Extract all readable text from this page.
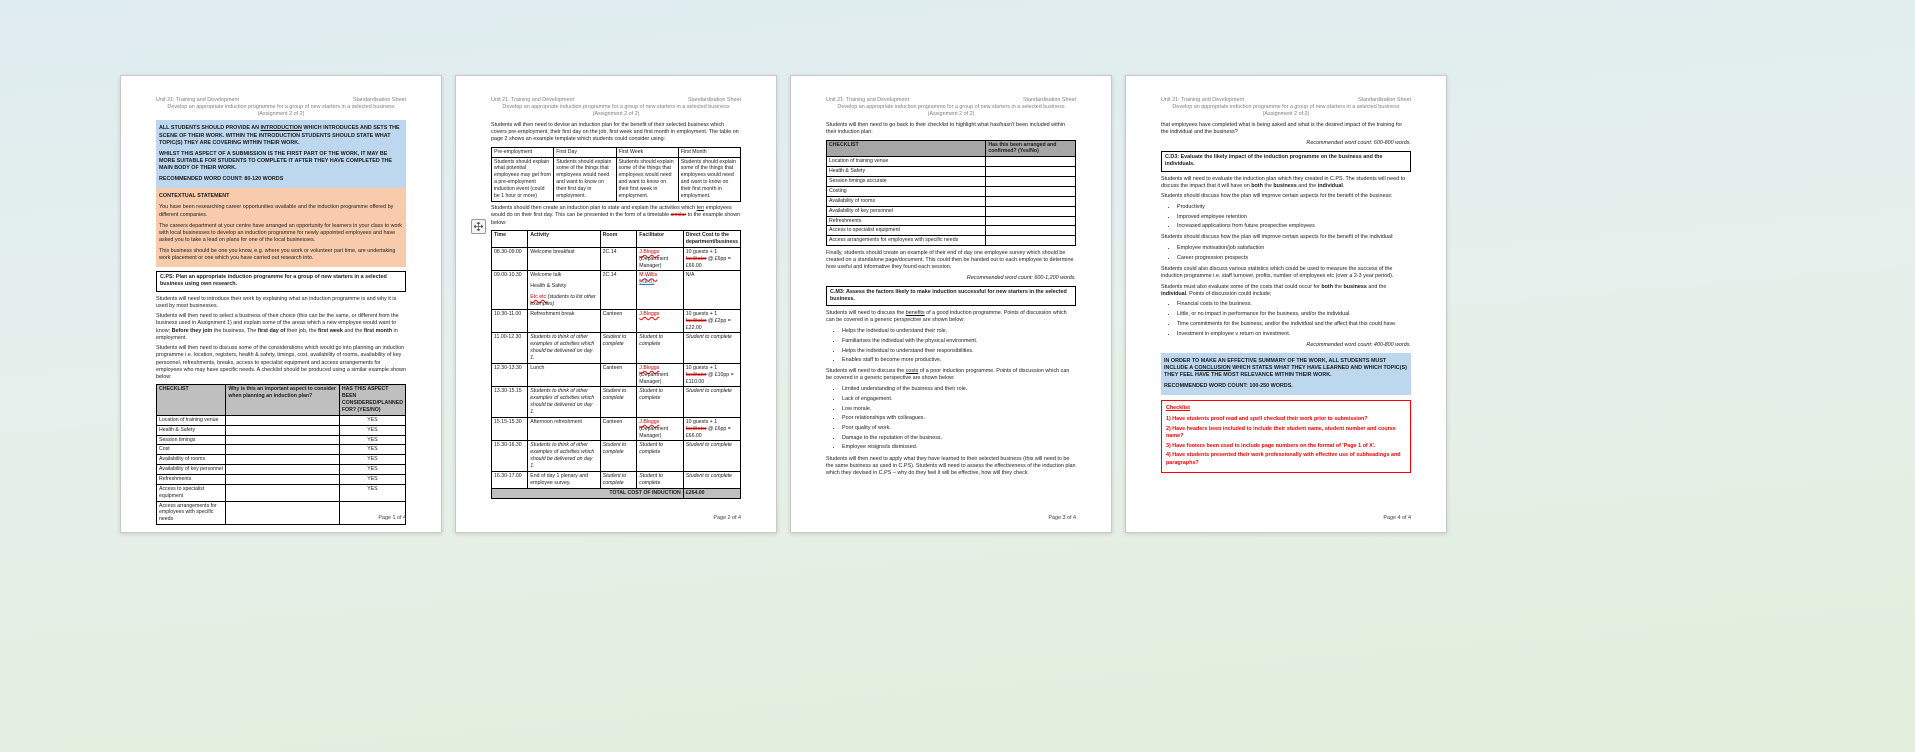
Unit 21: Training and Development	Standardisation Sheet
Develop an appropriate induction programme for a group of new starters in a selected business
(Assignment 2 of 2)

ALL STUDENTS SHOULD PROVIDE AN INTRODUCTION WHICH INTRODUCES AND SETS THE SCENE OF THEIR WORK. WITHIN THE INTRODUCTION STUDENTS SHOULD STATE WHAT TOPIC(S) THEY ARE COVERING WITHIN THEIR WORK.

WHILST THIS ASPECT OF A SUBMISSION IS THE FIRST PART OF THE WORK, IT MAY BE MORE SUITABLE FOR STUDENTS TO COMPLETE IT AFTER THEY HAVE COMPLETED THE MAIN BODY OF THEIR WORK.

RECOMMENDED WORD COUNT: 80-120 WORDS

CONTEXTUAL STATEMENT

You have been researching career opportunities available and the induction programme offered by different companies.

The careers department at your centre have arranged an opportunity for learners in your class to work with local businesses to develop an induction programme for newly appointed employees and have asked you to take a lead on plans for one of the local businesses.

This business should be one you know, e.g. where you work or volunteer part time, are undertaking work placement or one which you have carried out research into.

C.PS: Plan an appropriate induction programme for a group of new starters in a selected business using own research.

Students will need to introduce their work by explaining what an induction programme is and why it is used by most businesses.

Students will then need to select a business of their choice (this can be the same, or different from the business used in Assignment 1) and explain some of the areas which a new employee would want to know; Before they join the business, The first day of their job, the first week and the first month in employment.

Students will then need to discuss some of the considerations which would go into planning an induction programme i.e. location, registers, health & safety, timings, cost, availability of rooms, availability of key personnel, refreshments, breaks, access to specialist equipment and access arrangements for employees who may have specific needs. A checklist should be produced using a similar example shown below:

CHECKLIST	Why is this an important aspect to consider when planning an induction plan?	HAS THIS ASPECT BEEN CONSIDERED/PLANNED FOR? (YES/NO)
Location of training venue		YES
Health & Safety		YES
Session timings		YES
Cost		YES
Availability of rooms		YES
Availability of key personnel		YES
Refreshments		YES
Access to specialist equipment		YES
Access arrangements for employees with specific needs			Page 1 of 4
Unit 21: Training and Development	Standardisation Sheet
Develop an appropriate induction programme for a group of new starters in a selected business
(Assignment 2 of 2)

Students will then need to devise an induction plan for the benefit of their selected business which covers pre-employment, their first day on the job, first week and first month in employment. The table on page 2 shows an example template which students could consider using:

Pre-employment	First Day	First Week	First Month
Students should explain what potential employees may get from a pre-employment induction event (could be 1 hour or more)	Students should explain some of the things that employees would need and want to know on their first day in employment.	Students should explain some of the things that employees would need and want to know on their first week in employment.	Students should explain some of the things that employees would need and want to know on their first month in employment.

Students should then create an induction plan to state and explain the activities which ten employees would do on their first day. This can be presented in the form of a timetable similar to the example shown below:

Time	Activity	Room	Facilitator	Direct Cost to the department/business
08.30-09.00	Welcome breakfast	2C.14	J.Bloggs
(Department Manager)	10 guests + 1 facilitator @ £6pp = £66.00
09.00-10.30	Welcome talk
Health & Safety
Etc etc (students to list other examples)
	2C.14	M.Willis
(CEO)	N/A
10.30-11.00	Refreshment break	Canteen	J.Bloggs	10 guests + 1 facilitator @ £2pp = £22.00
11.00-12.30	Students to think of other examples of activities which should be delivered on day 1.	Student to complete	Student to complete	Student to complete
12.30-13.30	Lunch	Canteen	J.Bloggs
(Department Manager)	10 guests + 1 facilitator @ £10pp = £110.00
13.30-15.15	Students to think of other examples of activities which should be delivered on day 1.	Student to complete	Student to complete	Student to complete
15.15-15.30	Afternoon refreshment	Canteen	J.Bloggs
(Department Manager)	10 guests + 1 facilitator @ £6pp = £66.00
15.30-16.30	Students to think of other examples of activities which should be delivered on day 1.	Student to complete	Student to complete	Student to complete
16.30-17.00	End of day 1 plenary and employee survey.	Student to complete	Student to complete	Student to complete
TOTAL COST OF INDUCTION				£264.00
Page 2 of 4
Unit 21: Training and Development	Standardisation Sheet
Develop an appropriate induction programme for a group of new starters in a selected business
(Assignment 2 of 2)

Students will then need to go back to their checklist to highlight what has/hasn't been included within their induction plan:

CHECKLIST	Has this been arranged and confirmed? (Yes/No)
Location of training venue	
Health & Safety	
Session timings accurate	
Costing	
Availability of rooms	
Availability of key personnel	
Refreshments	
Access to specialist equipment	
Access arrangements for employees with specific needs	

Finally, students should create an example of their end of day one employee survey which should be created on a standalone page/document. This could then be handed out to each employee to determine how useful and informative they found each session.

Recommended word count: 600-1,200 words.

C.M3: Assess the factors likely to make induction successful for new starters in the selected business.

Students will need to discuss the benefits of a good induction programme. Points of discussion which can be covered in a generic perspective are shown below:

• Helps the individual to understand their role.
• Familiarises the individual with the physical environment.
• Helps the individual to understand their responsibilities.
• Enables staff to become more productive.

Students will need to discuss the costs of a poor induction programme. Points of discussion which can be covered in a generic perspective are shown below:

• Limited understanding of the business and their role.
• Lack of engagement.
• Low morale.
• Poor relationships with colleagues.
• Poor quality of work.
• Damage to the reputation of the business.
• Employee resigns/is dismissed.

Students will then need to apply what they have learned to their selected business (this will need to be the same business as used in C.PS). Students will need to assess the effectiveness of the induction plan which they devised in C.PS – why do they feel it will be effective, how will they check

Page 3 of 4
Unit 21: Training and Development	Standardisation Sheet
Develop an appropriate induction programme for a group of new starters in a selected business
(Assignment 2 of 2)

that employees have completed what is being asked and what is the desired impact of the training for the individual and the business?

Recommended word count: 600-800 words.

C.D3: Evaluate the likely impact of the induction programme on the business and the individuals.

Students will need to evaluate the induction plan which they created in C.PS. The students will need to discuss the impact that it will have on both the business and the individual.

Students should discuss how the plan will improve certain aspects for the benefit of the business:

• Productivity
• Improved employee retention
• Increased applications from future prospective employees

Students should discuss how the plan will improve certain aspects for the benefit of the individual:

• Employee motivation/job satisfaction
• Career progression prospects

Students could also discuss various statistics which could be used to measure the success of the induction programme i.e. staff turnover, profits, number of employees etc (over a 2-3 year period).

Students must also evaluate some of the costs that could occur for both the business and the individual. Points of discussion could include;

• Financial costs to the business.
• Little, or no impact in performance for the business, and/or the individual.
• Time commitments for the business, and/or the individual and the affect that this could have.
• Investment in employee v return on investment.

Recommended word count: 400-800 words.

IN ORDER TO MAKE AN EFFECTIVE SUMMARY OF THE WORK, ALL STUDENTS MUST INCLUDE A CONCLUSION WHICH STATES WHAT THEY HAVE LEARNED AND WHICH TOPIC(S) THEY FEEL HAVE THE MOST RELEVANCE WITHIN THEIR WORK.

RECOMMENDED WORD COUNT: 100-250 WORDS.

Checklist

1) Have students proof read and spell checked their work prior to submission?

2) Have headers been included to include their student name, student number and course name?

3) Have footers been used to include page numbers on the format of 'Page 1 of X'.

4) Have students presented their work professionally with effective use of subheadings and paragraphs?

Page 4 of 4
